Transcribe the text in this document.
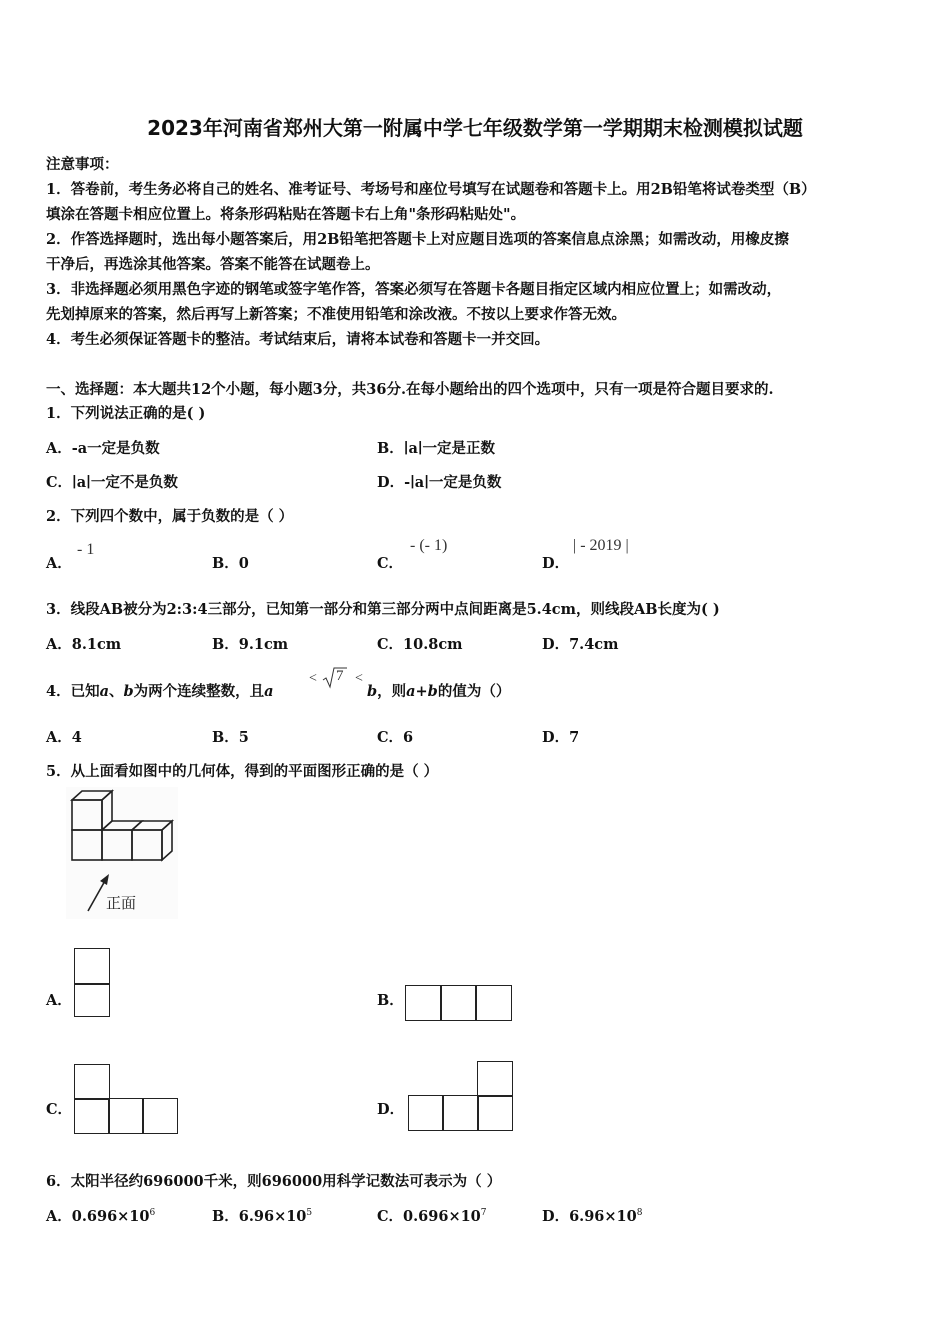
2023年河南省郑州大第一附属中学七年级数学第一学期期末检测模拟试题
注意事项：
1．答卷前，考生务必将自己的姓名、准考证号、考场号和座位号填写在试题卷和答题卡上。用2B铅笔将试卷类型（B）
填涂在答题卡相应位置上。将条形码粘贴在答题卡右上角"条形码粘贴处"。
2．作答选择题时，选出每小题答案后，用2B铅笔把答题卡上对应题目选项的答案信息点涂黑；如需改动，用橡皮擦
干净后，再选涂其他答案。答案不能答在试题卷上。
3．非选择题必须用黑色字迹的钢笔或签字笔作答，答案必须写在答题卡各题目指定区域内相应位置上；如需改动，
先划掉原来的答案，然后再写上新答案；不准使用铅笔和涂改液。不按以上要求作答无效。
4．考生必须保证答题卡的整洁。考试结束后，请将本试卷和答题卡一并交回。
一、选择题：本大题共12个小题，每小题3分，共36分.在每小题给出的四个选项中，只有一项是符合题目要求的.
1．下列说法正确的是( )
A．-a一定是负数	B．∣a∣一定是正数
C．∣a∣一定不是负数	D．-∣a∣一定是负数
2．下列四个数中，属于负数的是（ ）
A．
- 1
B．0	C．
- (- 1)
D．
| - 2019 |
3．线段AB被分为2:3:4三部分，已知第一部分和第三部分两中点间距离是5.4cm，则线段AB长度为( )
A．8.1cm	B．9.1cm	C．10.8cm	D．7.4cm
4．已知a、b为两个连续整数，且a
< 7 <
b，则a+b的值为（）
A．4	B．5	C．6	D．7
5．从上面看如图中的几何体，得到的平面图形正确的是（ ）
正面
A．	B．
C．	D．
6．太阳半径约696000千米，则696000用科学记数法可表示为（ ）
A．$0.696\times 10^6$	B．$6.96\times 10^5$	C．$0.696\times 10^7$	D．$6.96\times 10^8$
